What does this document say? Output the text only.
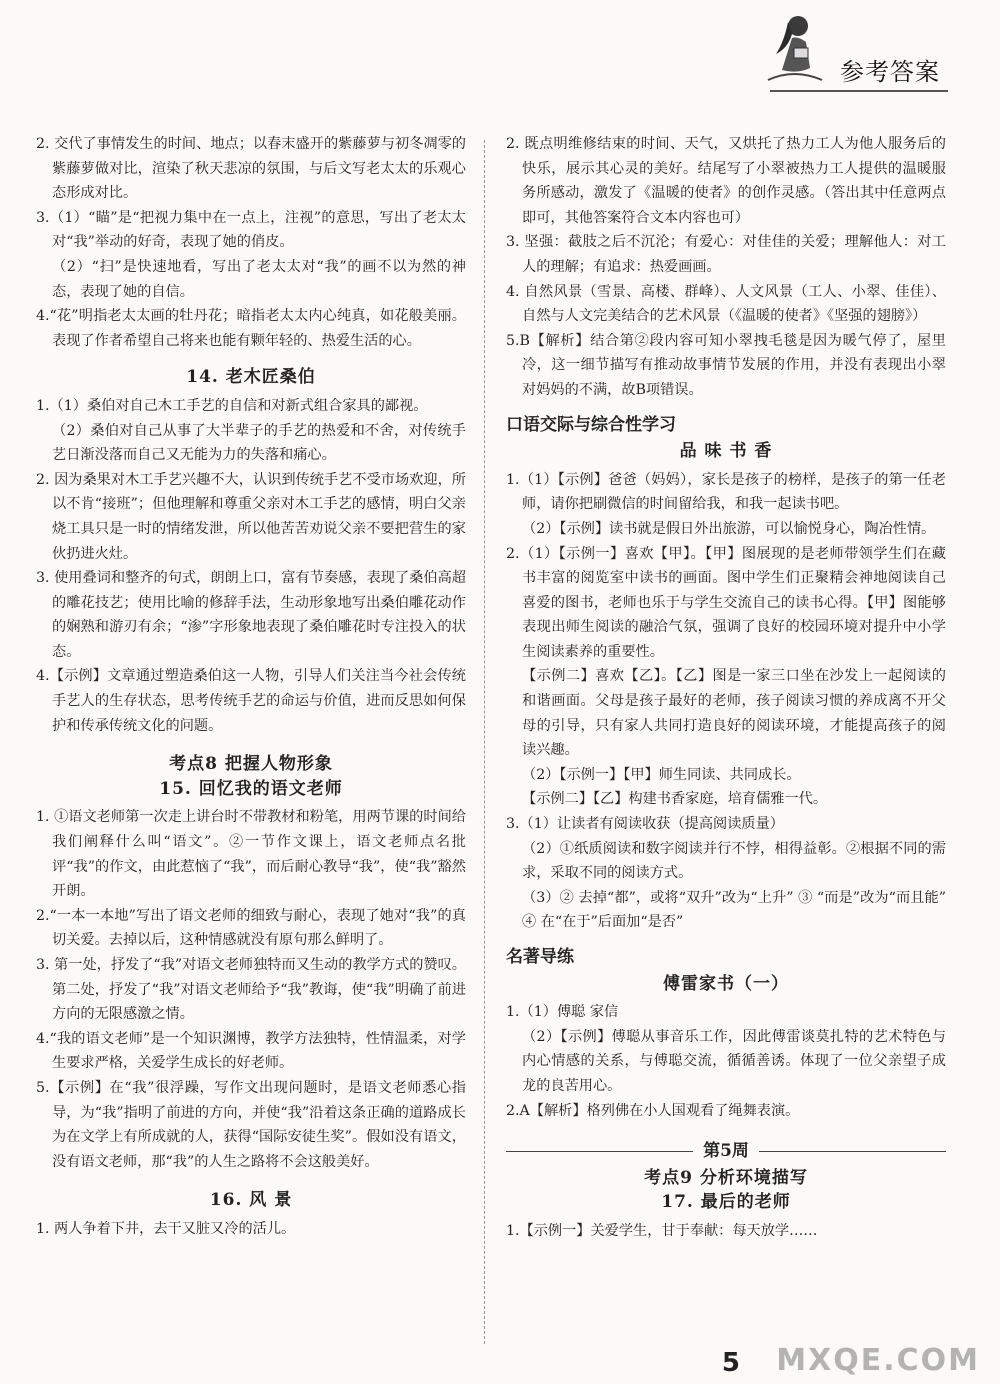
参考答案

2. 交代了事情发生的时间、地点；以春末盛开的紫藤萝与初冬凋零的紫藤萝做对比，渲染了秋天悲凉的氛围，与后文写老太太的乐观心态形成对比。

3.（1）“瞄”是“把视力集中在一点上，注视”的意思，写出了老太太对“我”举动的好奇，表现了她的俏皮。

（2）“扫”是快速地看，写出了老太太对“我”的画不以为然的神态，表现了她的自信。

4.“花”明指老太太画的牡丹花；暗指老太太内心纯真，如花般美丽。表现了作者希望自己将来也能有颗年轻的、热爱生活的心。

14. 老木匠桑伯

1.（1）桑伯对自己木工手艺的自信和对新式组合家具的鄙视。

（2）桑伯对自己从事了大半辈子的手艺的热爱和不舍，对传统手艺日渐没落而自己又无能为力的失落和痛心。

2. 因为桑果对木工手艺兴趣不大，认识到传统手艺不受市场欢迎，所以不肯“接班”；但他理解和尊重父亲对木工手艺的感情，明白父亲烧工具只是一时的情绪发泄，所以他苦苦劝说父亲不要把营生的家伙扔进火灶。

3. 使用叠词和整齐的句式，朗朗上口，富有节奏感，表现了桑伯高超的雕花技艺；使用比喻的修辞手法，生动形象地写出桑伯雕花动作的娴熟和游刃有余；“渗”字形象地表现了桑伯雕花时专注投入的状态。

4.【示例】文章通过塑造桑伯这一人物，引导人们关注当今社会传统手艺人的生存状态，思考传统手艺的命运与价值，进而反思如何保护和传承传统文化的问题。

考点8 把握人物形象
15. 回忆我的语文老师

1. ①语文老师第一次走上讲台时不带教材和粉笔，用两节课的时间给我们阐释什么叫“语文”。②一节作文课上，语文老师点名批评“我”的作文，由此惹恼了“我”，而后耐心教导“我”，使“我”豁然开朗。

2.“一本一本地”写出了语文老师的细致与耐心，表现了她对“我”的真切关爱。去掉以后，这种情感就没有原句那么鲜明了。

3. 第一处，抒发了“我”对语文老师独特而又生动的教学方式的赞叹。第二处，抒发了“我”对语文老师给予“我”教诲，使“我”明确了前进方向的无限感激之情。

4.“我的语文老师”是一个知识渊博，教学方法独特，性情温柔，对学生要求严格，关爱学生成长的好老师。

5.【示例】在“我”很浮躁，写作文出现问题时，是语文老师悉心指导，为“我”指明了前进的方向，并使“我”沿着这条正确的道路成长为在文学上有所成就的人，获得“国际安徒生奖”。假如没有语文，没有语文老师，那“我”的人生之路将不会这般美好。

16. 风 景

1. 两人争着下井，去干又脏又冷的活儿。

2. 既点明维修结束的时间、天气，又烘托了热力工人为他人服务后的快乐，展示其心灵的美好。结尾写了小翠被热力工人提供的温暖服务所感动，激发了《温暖的使者》的创作灵感。（答出其中任意两点即可，其他答案符合文本内容也可）

3. 坚强：截肢之后不沉沦；有爱心：对佳佳的关爱；理解他人：对工人的理解；有追求：热爱画画。

4. 自然风景（雪景、高楼、群峰）、人文风景（工人、小翠、佳佳）、自然与人文完美结合的艺术风景（《温暖的使者》《坚强的翅膀》）

5.B【解析】结合第②段内容可知小翠拽毛毯是因为暖气停了，屋里冷，这一细节描写有推动故事情节发展的作用，并没有表现出小翠对妈妈的不满，故B项错误。

口语交际与综合性学习
品 味 书 香

1.（1）【示例】爸爸（妈妈），家长是孩子的榜样，是孩子的第一任老师，请你把刷微信的时间留给我，和我一起读书吧。

（2）【示例】读书就是假日外出旅游，可以愉悦身心，陶冶性情。

2.（1）【示例一】喜欢【甲】。【甲】图展现的是老师带领学生们在藏书丰富的阅览室中读书的画面。图中学生们正聚精会神地阅读自己喜爱的图书，老师也乐于与学生交流自己的读书心得。【甲】图能够表现出师生阅读的融洽气氛，强调了良好的校园环境对提升中小学生阅读素养的重要性。

【示例二】喜欢【乙】。【乙】图是一家三口坐在沙发上一起阅读的和谐画面。父母是孩子最好的老师，孩子阅读习惯的养成离不开父母的引导，只有家人共同打造良好的阅读环境，才能提高孩子的阅读兴趣。

（2）【示例一】【甲】师生同读、共同成长。

【示例二】【乙】构建书香家庭，培育儒雅一代。

3.（1）让读者有阅读收获（提高阅读质量）

（2）①纸质阅读和数字阅读并行不悖，相得益彰。②根据不同的需求，采取不同的阅读方式。

（3）② 去掉“都”，或将“双升”改为“上升” ③ “而是”改为“而且能” ④ 在“在于”后面加“是否”

名著导练
傅雷家书（一）

1.（1）傅聪 家信

（2）【示例】傅聪从事音乐工作，因此傅雷谈莫扎特的艺术特色与内心情感的关系，与傅聪交流，循循善诱。体现了一位父亲望子成龙的良苦用心。

2.A【解析】格列佛在小人国观看了绳舞表演。

第5周
考点9 分析环境描写
17. 最后的老师

1.【示例一】关爱学生，甘于奉献：每天放学……

MXQE.COM
5
